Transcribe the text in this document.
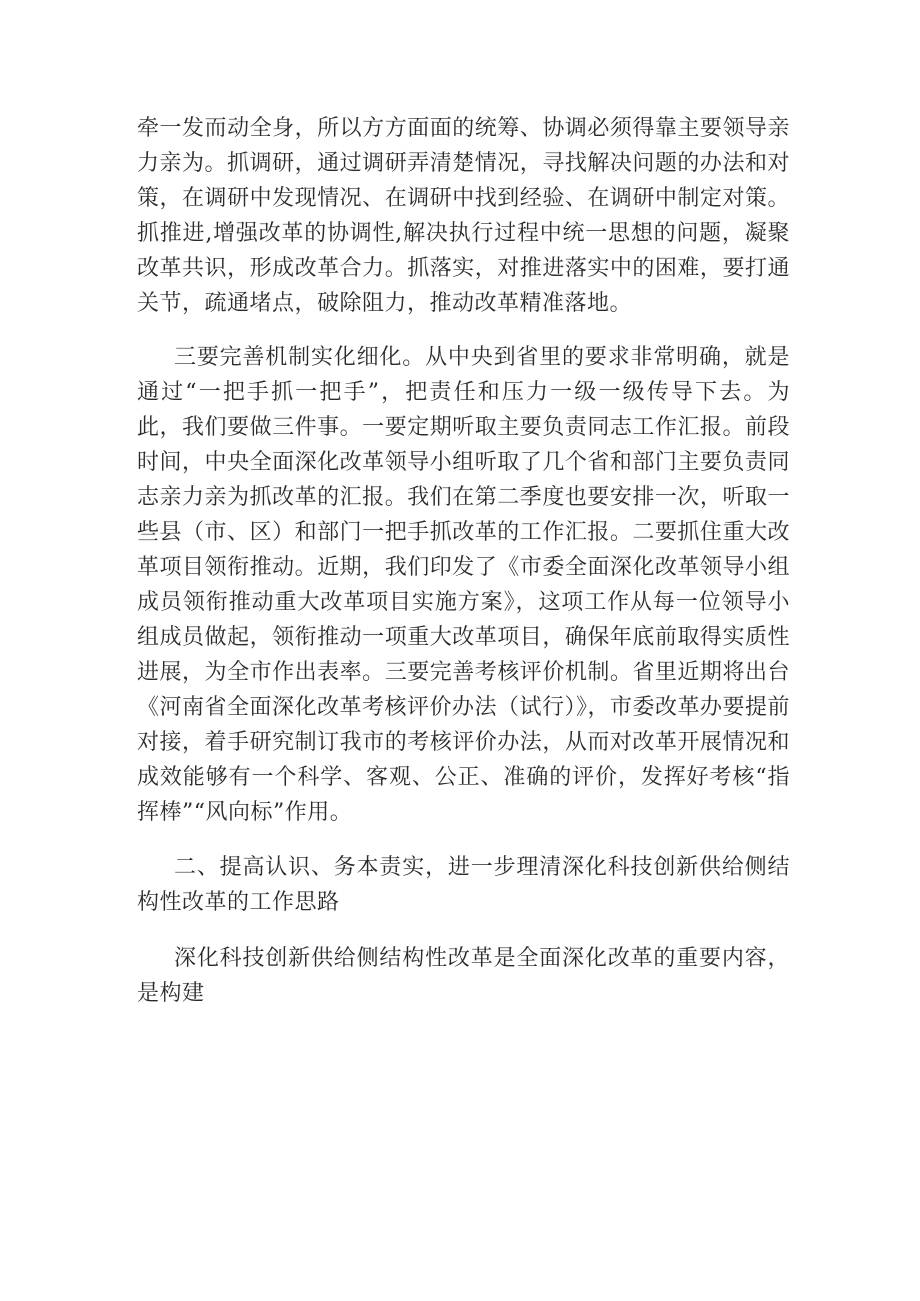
牵一发而动全身，所以方方面面的统筹、协调必须得靠主要领导亲力亲为。抓调研，通过调研弄清楚情况，寻找解决问题的办法和对策，在调研中发现情况、在调研中找到经验、在调研中制定对策。抓推进,增强改革的协调性,解决执行过程中统一思想的问题，凝聚改革共识，形成改革合力。抓落实，对推进落实中的困难，要打通关节，疏通堵点，破除阻力，推动改革精准落地。

三要完善机制实化细化。从中央到省里的要求非常明确，就是通过“一把手抓一把手”，把责任和压力一级一级传导下去。为此，我们要做三件事。一要定期听取主要负责同志工作汇报。前段时间，中央全面深化改革领导小组听取了几个省和部门主要负责同志亲力亲为抓改革的汇报。我们在第二季度也要安排一次，听取一些县（市、区）和部门一把手抓改革的工作汇报。二要抓住重大改革项目领衔推动。近期，我们印发了《市委全面深化改革领导小组成员领衔推动重大改革项目实施方案》，这项工作从每一位领导小组成员做起，领衔推动一项重大改革项目，确保年底前取得实质性进展，为全市作出表率。三要完善考核评价机制。省里近期将出台《河南省全面深化改革考核评价办法（试行）》，市委改革办要提前对接，着手研究制订我市的考核评价办法，从而对改革开展情况和成效能够有一个科学、客观、公正、准确的评价，发挥好考核“指挥棒”“风向标”作用。

二、提高认识、务本责实，进一步理清深化科技创新供给侧结构性改革的工作思路

深化科技创新供给侧结构性改革是全面深化改革的重要内容，是构建
